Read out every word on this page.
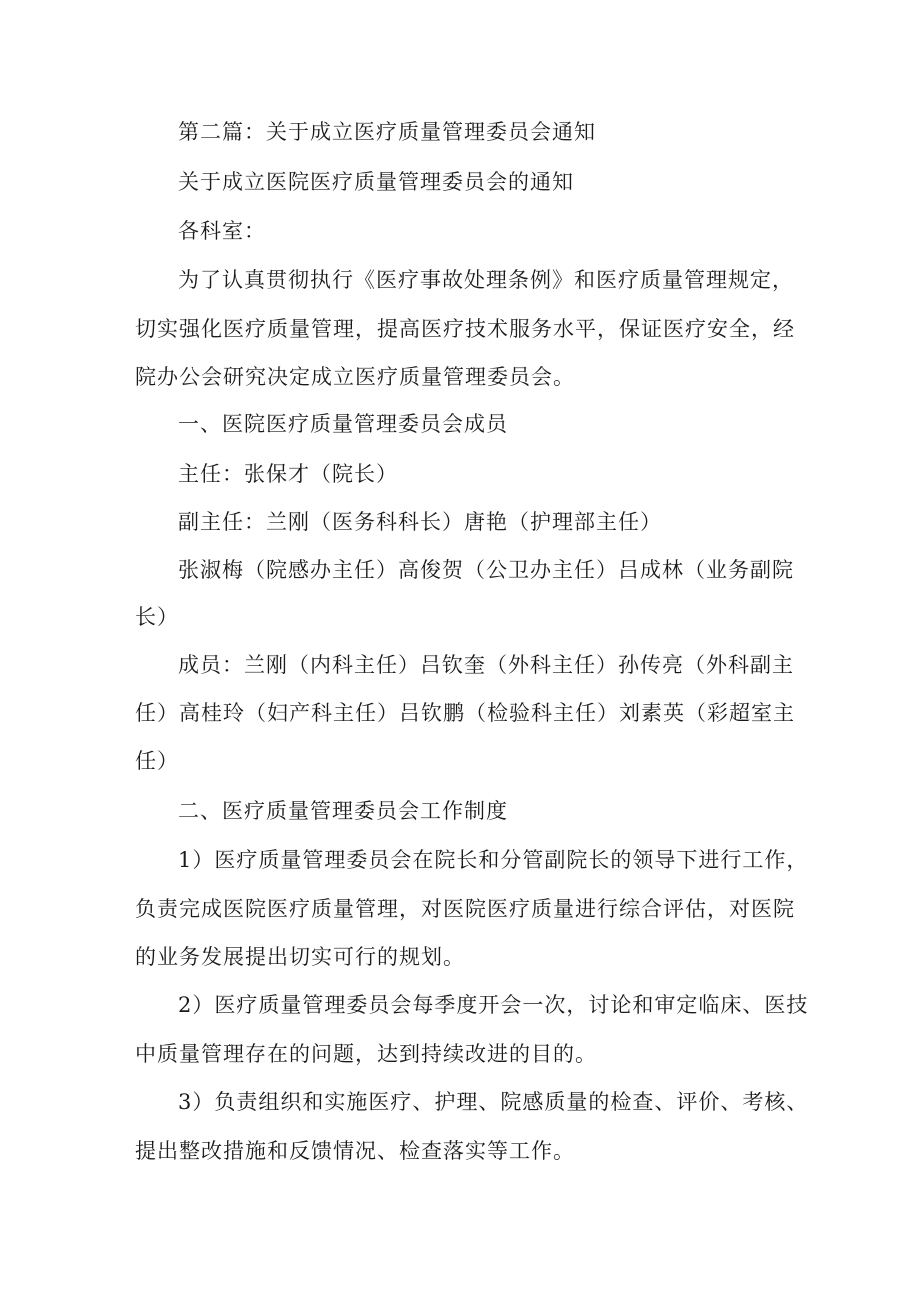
第二篇：关于成立医疗质量管理委员会通知
关于成立医院医疗质量管理委员会的通知
各科室：
为了认真贯彻执行《医疗事故处理条例》和医疗质量管理规定，
切实强化医疗质量管理，提高医疗技术服务水平，保证医疗安全，经
院办公会研究决定成立医疗质量管理委员会。
一、医院医疗质量管理委员会成员
主任：张保才（院长）
副主任：兰刚（医务科科长）唐艳（护理部主任）
张淑梅（院感办主任）高俊贺（公卫办主任）吕成林（业务副院
长）
成员：兰刚（内科主任）吕钦奎（外科主任）孙传亮（外科副主
任）高桂玲（妇产科主任）吕钦鹏（检验科主任）刘素英（彩超室主
任）
二、医疗质量管理委员会工作制度
1）医疗质量管理委员会在院长和分管副院长的领导下进行工作，
负责完成医院医疗质量管理，对医院医疗质量进行综合评估，对医院
的业务发展提出切实可行的规划。
2）医疗质量管理委员会每季度开会一次，讨论和审定临床、医技
中质量管理存在的问题，达到持续改进的目的。
3）负责组织和实施医疗、护理、院感质量的检查、评价、考核、
提出整改措施和反馈情况、检查落实等工作。
